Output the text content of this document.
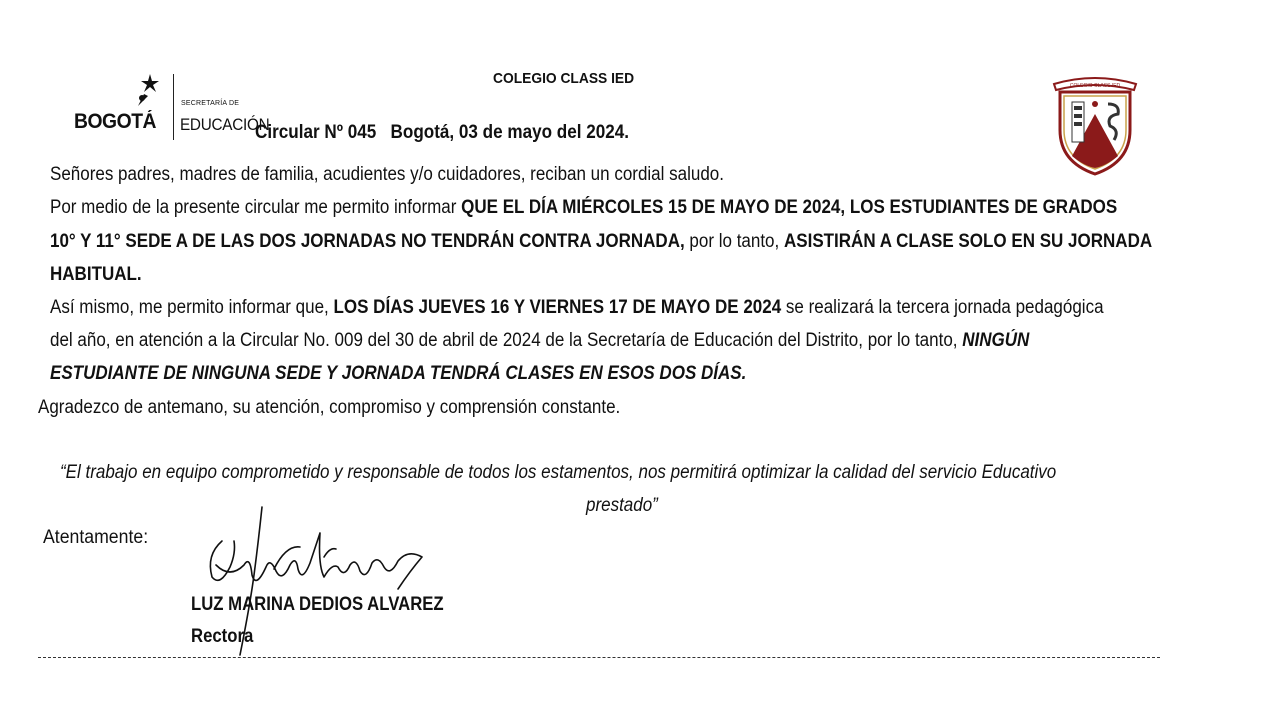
COLEGIO CLASS IED
BOGOTÁ
SECRETARÍA DE
EDUCACIÓN
Circular Nº 045 Bogotá, 03 de mayo del 2024.
COLEGIO CLASS IED
Señores padres, madres de familia, acudientes y/o cuidadores, reciban un cordial saludo.
Por medio de la presente circular me permito informar QUE EL DÍA MIÉRCOLES 15 DE MAYO DE 2024, LOS ESTUDIANTES DE GRADOS
10° Y 11° SEDE A DE LAS DOS JORNADAS NO TENDRÁN CONTRA JORNADA, por lo tanto, ASISTIRÁN A CLASE SOLO EN SU JORNADA
HABITUAL.
Así mismo, me permito informar que, LOS DÍAS JUEVES 16 Y VIERNES 17 DE MAYO DE 2024 se realizará la tercera jornada pedagógica
del año, en atención a la Circular No. 009 del 30 de abril de 2024 de la Secretaría de Educación del Distrito, por lo tanto, NINGÚN
ESTUDIANTE DE NINGUNA SEDE Y JORNADA TENDRÁ CLASES EN ESOS DOS DÍAS.
Agradezco de antemano, su atención, compromiso y comprensión constante.
“El trabajo en equipo comprometido y responsable de todos los estamentos, nos permitirá optimizar la calidad del servicio Educativo
prestado”
Atentamente:
LUZ MARINA DEDIOS ALVAREZ
Rectora
